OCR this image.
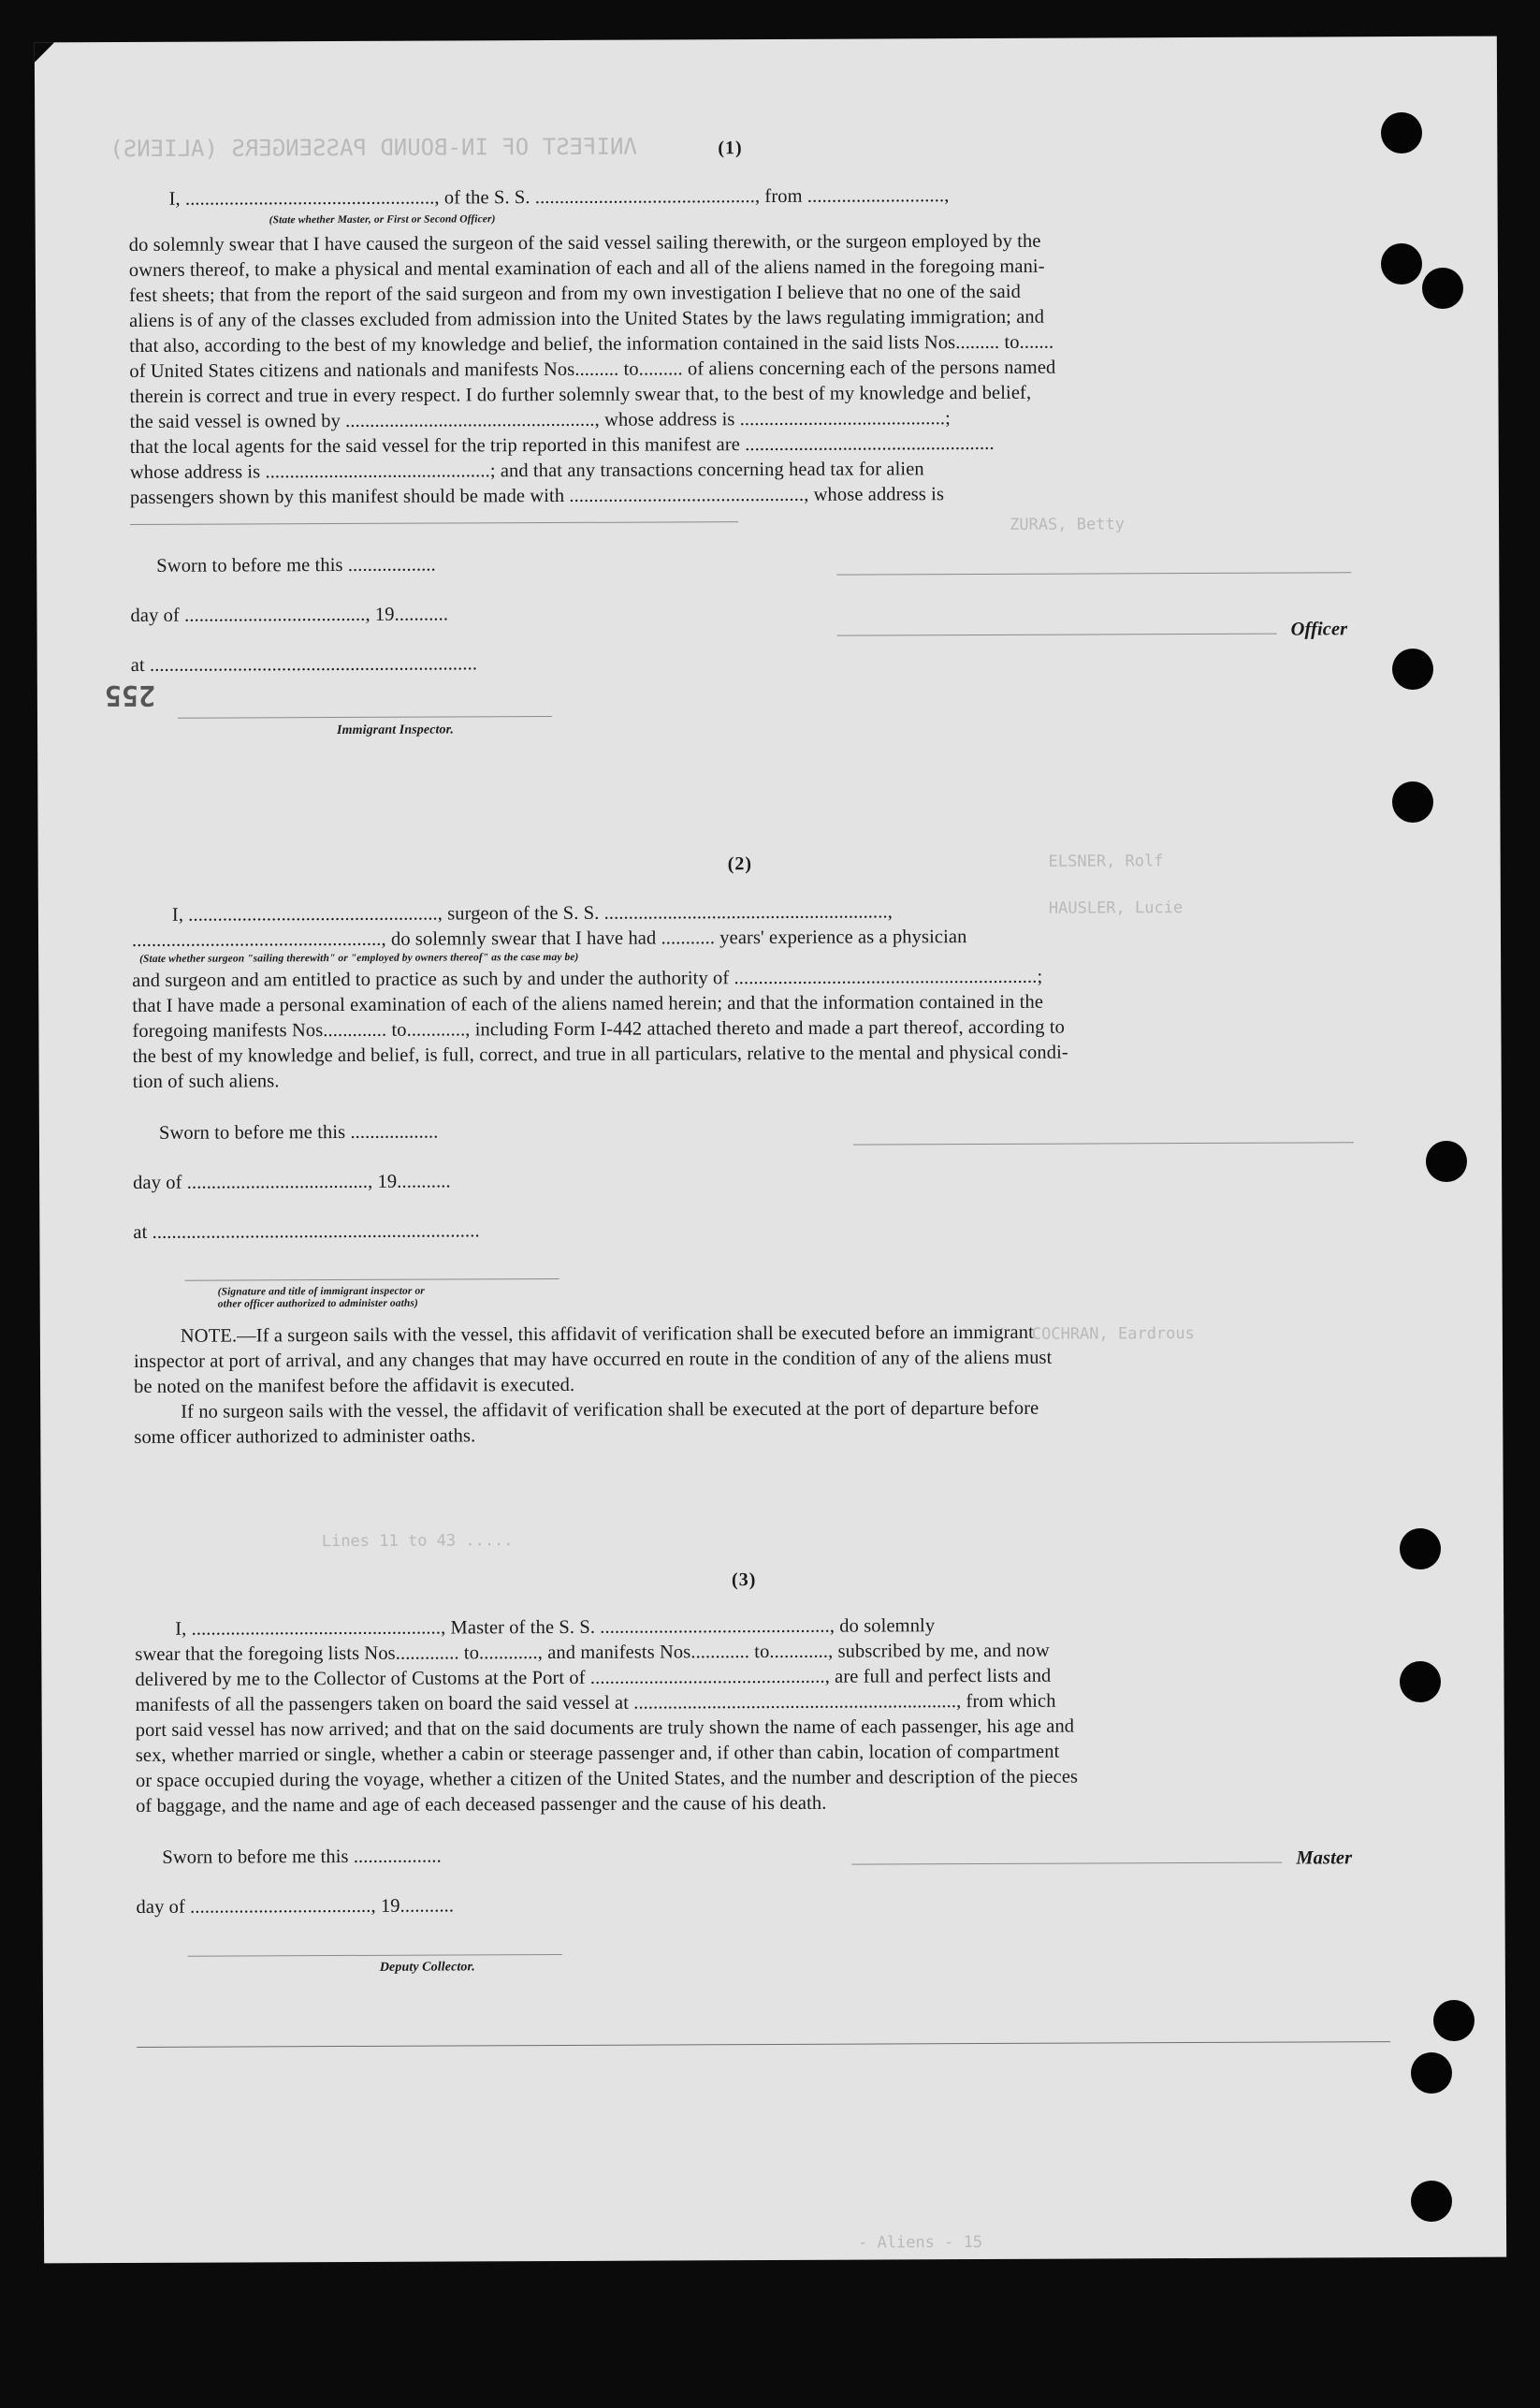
ΛNIFEST OF IN-BOUND PASSENGERS (ALIENS)
ZURAS, Betty
ELSNER, Rolf
HAUSLER, Lucie
COCHRAN, Eardrous
Lines 11 to 43 .....
- Aliens - 15
(1)
I, ..................................................., of the S. S. ............................................., from ............................,
(State whether Master, or First or Second Officer)
do solemnly swear that I have caused the surgeon of the said vessel sailing therewith, or the surgeon employed by the
owners thereof, to make a physical and mental examination of each and all of the aliens named in the foregoing mani-
fest sheets; that from the report of the said surgeon and from my own investigation I believe that no one of the said
aliens is of any of the classes excluded from admission into the United States by the laws regulating immigration; and
that also, according to the best of my knowledge and belief, the information contained in the said lists Nos......... to.......
of United States citizens and nationals and manifests Nos......... to......... of aliens concerning each of the persons named
therein is correct and true in every respect. I do further solemnly swear that, to the best of my knowledge and belief,
the said vessel is owned by ..................................................., whose address is ..........................................;
that the local agents for the said vessel for the trip reported in this manifest are ...................................................
whose address is ..............................................; and that any transactions concerning head tax for alien
passengers shown by this manifest should be made with ................................................, whose address is
Sworn to before me this ..................
day of ....................................., 19...........
at ...................................................................
Immigrant Inspector.
Officer
255
(2)
I, ..................................................., surgeon of the S. S. ..........................................................,
..................................................., do solemnly swear that I have had ........... years' experience as a physician
(State whether surgeon "sailing therewith" or "employed by owners thereof" as the case may be)
and surgeon and am entitled to practice as such by and under the authority of ..............................................................;
that I have made a personal examination of each of the aliens named herein; and that the information contained in the
foregoing manifests Nos............. to............, including Form I-442 attached thereto and made a part thereof, according to
the best of my knowledge and belief, is full, correct, and true in all particulars, relative to the mental and physical condi-
tion of such aliens.
Sworn to before me this ..................
day of ....................................., 19...........
at ...................................................................
(Signature and title of immigrant inspector or
other officer authorized to administer oaths)
NOTE.—If a surgeon sails with the vessel, this affidavit of verification shall be executed before an immigrant
inspector at port of arrival, and any changes that may have occurred en route in the condition of any of the aliens must
be noted on the manifest before the affidavit is executed.
If no surgeon sails with the vessel, the affidavit of verification shall be executed at the port of departure before
some officer authorized to administer oaths.
(3)
I, ..................................................., Master of the S. S. ..............................................., do solemnly
swear that the foregoing lists Nos............. to............, and manifests Nos............ to............, subscribed by me, and now
delivered by me to the Collector of Customs at the Port of ................................................, are full and perfect lists and
manifests of all the passengers taken on board the said vessel at .................................................................., from which
port said vessel has now arrived; and that on the said documents are truly shown the name of each passenger, his age and
sex, whether married or single, whether a cabin or steerage passenger and, if other than cabin, location of compartment
or space occupied during the voyage, whether a citizen of the United States, and the number and description of the pieces
of baggage, and the name and age of each deceased passenger and the cause of his death.
Sworn to before me this ..................
day of ....................................., 19...........
Master
Deputy Collector.
